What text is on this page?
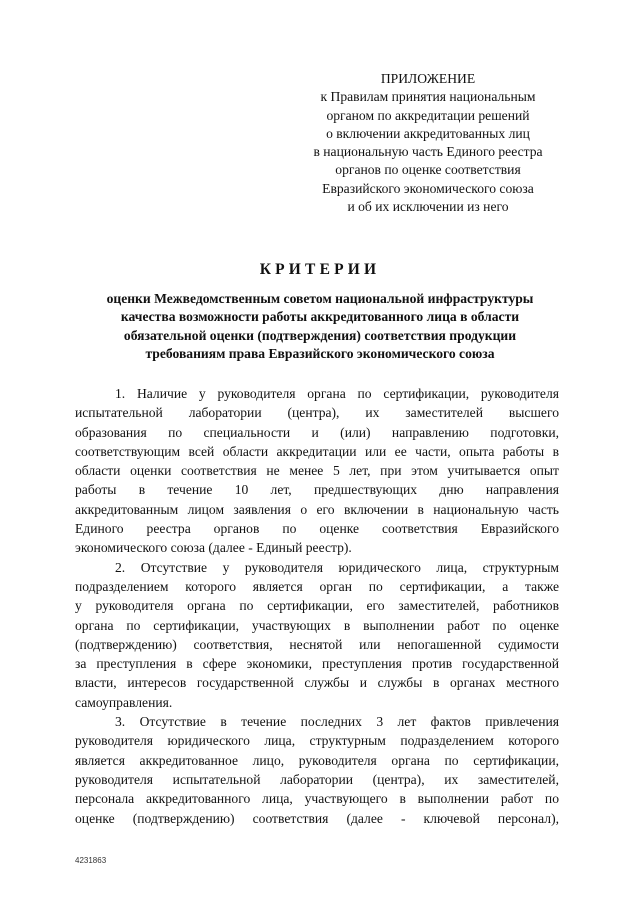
ПРИЛОЖЕНИЕ
к Правилам принятия национальным
органом по аккредитации решений
о включении аккредитованных лиц
в национальную часть Единого реестра
органов по оценке соответствия
Евразийского экономического союза
и об их исключении из него
КРИТЕРИИ
оценки Межведомственным советом национальной инфраструктуры
качества возможности работы аккредитованного лица в области
обязательной оценки (подтверждения) соответствия продукции
требованиям права Евразийского экономического союза
1. Наличие у руководителя органа по сертификации, руководителя
испытательной лаборатории (центра), их заместителей высшего
образования по специальности и (или) направлению подготовки,
соответствующим всей области аккредитации или ее части, опыта работы в
области оценки соответствия не менее 5 лет, при этом учитывается опыт
работы в течение 10 лет, предшествующих дню направления
аккредитованным лицом заявления о его включении в национальную часть
Единого реестра органов по оценке соответствия Евразийского
экономического союза (далее - Единый реестр).
2. Отсутствие у руководителя юридического лица, структурным
подразделением которого является орган по сертификации, а также
у руководителя органа по сертификации, его заместителей, работников
органа по сертификации, участвующих в выполнении работ по оценке
(подтверждению) соответствия, неснятой или непогашенной судимости
за преступления в сфере экономики, преступления против государственной
власти, интересов государственной службы и службы в органах местного
самоуправления.
3. Отсутствие в течение последних 3 лет фактов привлечения
руководителя юридического лица, структурным подразделением которого
является аккредитованное лицо, руководителя органа по сертификации,
руководителя испытательной лаборатории (центра), их заместителей,
персонала аккредитованного лица, участвующего в выполнении работ по
оценке (подтверждению) соответствия (далее - ключевой персонал),
4231863
